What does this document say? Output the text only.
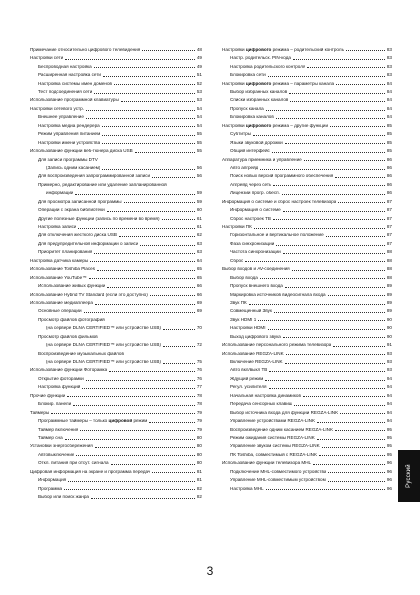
Примечание относительно цифрового телевидения	48
Настройки сети	49
Беспроводная настройка	49
Расширенная настройка сети	51
Настройка системы имен доменов	52
Тест подсоединения сети	53
Использование программной клавиатуры	53
Настройки сетевого устр.	54
Внешнее управление	54
Настройка медиа рендерера	54
Режим управления питанием	55
Настройки имени устройства	55
Использование функции веб-тюнера диска USB	55
Для записи программы DTV
(Запись одним касанием)	56
Для воспроизведения запрограммированной записи	56
Примерно, редактирование или удаление запланированной
информации	59
Для просмотра записанной программы	59
Операции с экрана библиотеки	60
Другие полезные функции (запись по времени во время)	61
Настройка записи	61
Для отключения жесткого диска USB	62
Для предупредительной информации о записи	63
Приоритет планирования	63
Настройка датчика камеры	64
Использование Toshiba Places	65
Использование YouTube™	65
Использование живых функции	66
Использование Hybrid TV Standard (если это доступно)	66
Использование медиаплеера	69
Основные операции	69
Просмотр файлов фотографий
(на сервере DLNA CERTIFIED™ или устройстве USB)	70
Просмотр файлов фильмов
(на сервере DLNA CERTIFIED™ или устройстве USB)	72
Воспроизведение музыкальных файлов
(на сервере DLNA CERTIFIED™ или устройстве USB)	75
Использование функции Фоторамка	76
Открытие фоторамки	76
Настройка функций	77
Прочие функции	78
Блокир. панели	78
Таймеры	79
Программные таймеры – только цифровой режим	79
Таймер включения	79
Таймер сна	80
Установки энергосбережения	80
Автовыключение	80
Откл. питания при отсут. сигнала	80
Цифровая информация на экране и программа передач	81
Информация	81
Программа	82
Выбор или поиск жанра	82
Настройки цифрового режима – родительский контроль	83
Настр. родительск. PIN-кода	83
Настройка родительского контроля	83
Блокировка сети	83
Настройки цифрового режима – параметры канала	84
Выбор избранных каналов	84
Списки избранных каналов	84
Пропуск канала	84
Блокировка каналов	84
Настройки цифрового режима – другие функции	85
Субтитры	85
Языки звуковой дорожки	85
Общий интерфейс	85
Аппаратура приемника и управление	86
Авто апгрейд	86
Поиск новых версий программного обеспечения	86
Апгрейд через сеть	86
Лицензии прогр. обесп.	86
Информация о системе и сброс настроек телевизора	87
Информация о системе	87
Сброс настроек ТВ	87
Настройки ПК	87
Горизонтальное и вертикальное положение	87
Фаза синхронизации	87
Частота синхронизации	88
Сброс	88
Выбор входов и AV-соединения	88
Выбор входа	88
Пропуск внешнего входа	89
Маркировка источников видеосигнала входа	89
Звук ПК	89
Совмещенный Звук	89
Звук HDMI 1	90
Настройки HDMI	90
Выход цифрового звука	90
Использование персонального режима телевизора	91
Использование REGZA-LINK	93
Включение REGZA-LINK	93
Авто вкл/выкл ТВ	93
Ждущий режим	94
Регул. усилителя	94
Начальная настройка динамиков	94
Передача сенсорных клавиш	94
Выбор источника входа для функции REGZA-LINK	94
Управление устройствами REGZA-LINK	94
Воспроизведение одним касанием REGZA-LINK	95
Режим ожидания системы REGZA-LINK	95
Управление звуком системы REGZA-LINK	95
ПК Toshiba, совместимый с REGZA-LINK	95
Использование функции телевизора MHL	96
Подключение MHL-совместимого устройства	96
Управление MHL-совместимым устройством	96
Настройка MHL	96
Русский
3
